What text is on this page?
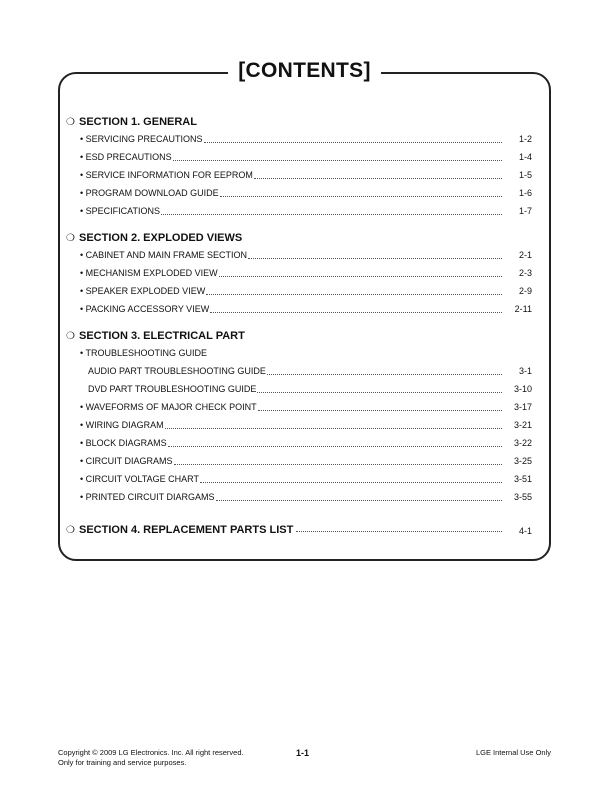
[CONTENTS]
❍ SECTION 1. GENERAL
• SERVICING PRECAUTIONS	1-2
• ESD PRECAUTIONS	1-4
• SERVICE INFORMATION FOR EEPROM	1-5
• PROGRAM DOWNLOAD GUIDE	1-6
• SPECIFICATIONS	1-7
❍ SECTION 2. EXPLODED VIEWS
• CABINET AND MAIN FRAME SECTION	2-1
• MECHANISM EXPLODED VIEW	2-3
• SPEAKER EXPLODED VIEW	2-9
• PACKING ACCESSORY VIEW	2-11
❍ SECTION 3. ELECTRICAL PART
• TROUBLESHOOTING GUIDE
AUDIO PART TROUBLESHOOTING GUIDE	3-1
DVD PART TROUBLESHOOTING GUIDE	3-10
• WAVEFORMS OF MAJOR CHECK POINT	3-17
• WIRING DIAGRAM	3-21
• BLOCK DIAGRAMS	3-22
• CIRCUIT DIAGRAMS	3-25
• CIRCUIT VOLTAGE CHART	3-51
• PRINTED CIRCUIT DIARGAMS	3-55
❍ SECTION 4. REPLACEMENT PARTS LIST	4-1
Copyright © 2009 LG Electronics. Inc. All right reserved.
Only for training and service purposes.
1-1	LGE Internal Use Only
